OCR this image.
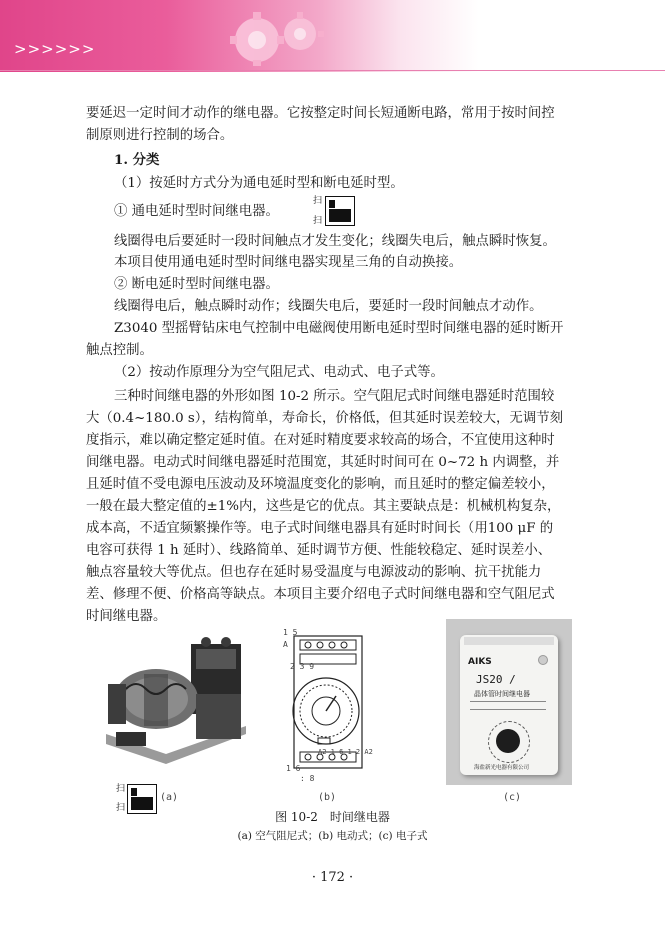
>>>>>>

要延迟一定时间才动作的继电器。它按整定时间长短通断电路，常用于按时间控

制原则进行控制的场合。

1. 分类

（1）按延时方式分为通电延时型和断电延时型。

① 通电延时型时间继电器。

扫
扫

线圈得电后要延时一段时间触点才发生变化；线圈失电后，触点瞬时恢复。

本项目使用通电延时型时间继电器实现星三角的自动换接。

② 断电延时型时间继电器。

线圈得电后，触点瞬时动作；线圈失电后，要延时一段时间触点才动作。

Z3040 型摇臂钻床电气控制中电磁阀使用断电延时型时间继电器的延时断开

触点控制。

（2）按动作原理分为空气阻尼式、电动式、电子式等。

三种时间继电器的外形如图 10-2 所示。空气阻尼式时间继电器延时范围较

大（0.4~180.0 s），结构简单，寿命长，价格低，但其延时误差较大，无调节刻

度指示，难以确定整定延时值。在对延时精度要求较高的场合，不宜使用这种时

间继电器。电动式时间继电器延时范围宽，其延时时间可在 0~72 h 内调整，并

且延时值不受电源电压波动及环境温度变化的影响，而且延时的整定偏差较小，

一般在最大整定值的±1%内，这些是它的优点。其主要缺点是：机械机构复杂，

成本高，不适宜频繁操作等。电子式时间继电器具有延时时间长（用100 μF 的

电容可获得 1 h 延时）、线路简单、延时调节方便、性能较稳定、延时误差小、

触点容量较大等优点。但也存在延时易受温度与电源波动的影响、抗干扰能力

差、修理不便、价格高等缺点。本项目主要介绍电子式时间继电器和空气阻尼式

时间继电器。

扫
扫
(a)
1 5
A
2 3 9
1 6
: 8
A2 1 6 1 2 A2
(b)
AIKS
JS20 /
晶体管时间继电器
海盐新光电器有限公司
(c)
图 10-2　时间继电器
(a) 空气阻尼式；(b) 电动式；(c) 电子式
· 172 ·
